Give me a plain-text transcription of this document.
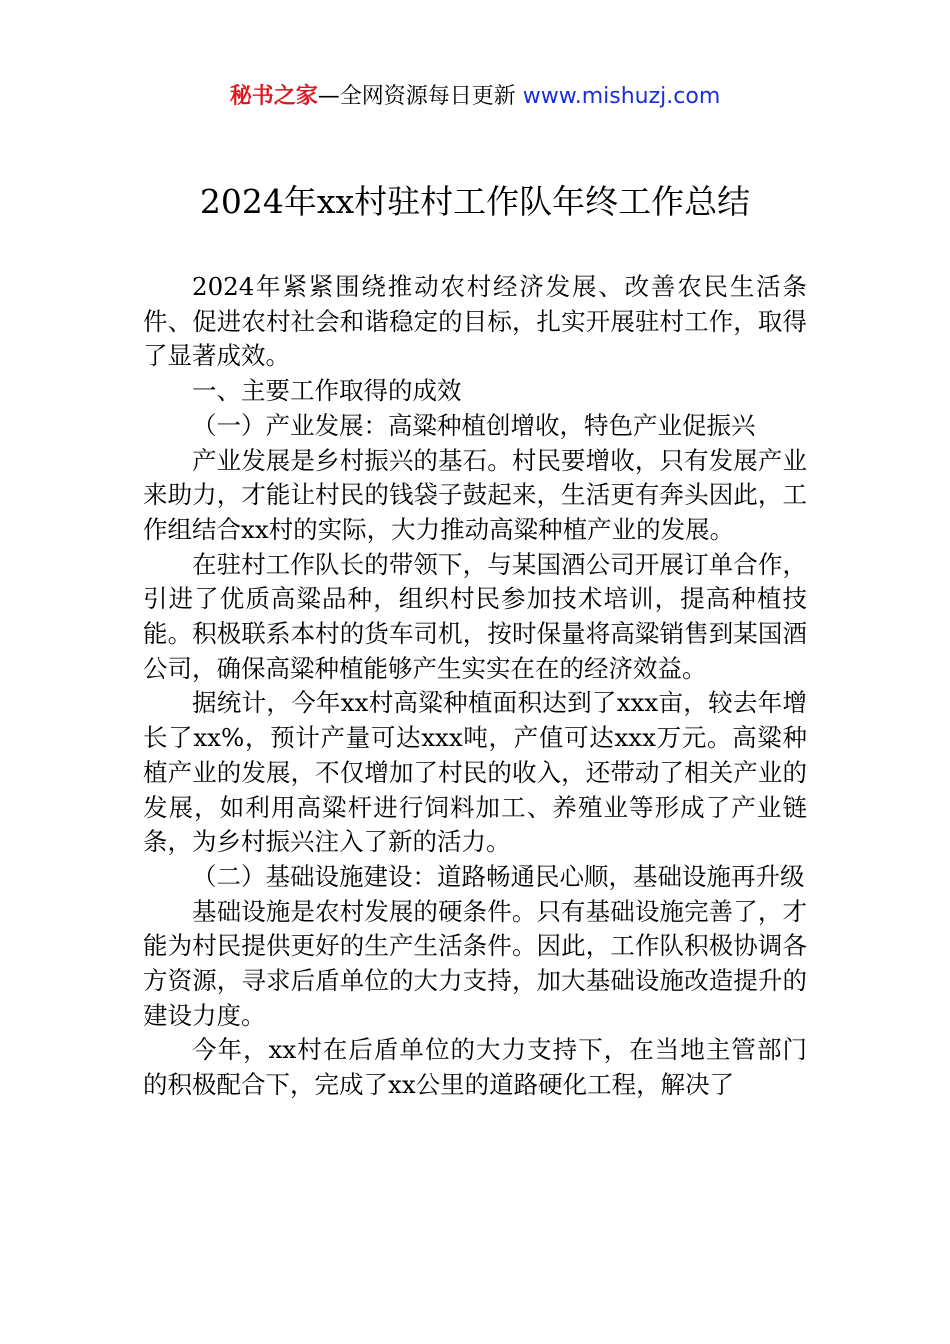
秘书之家—全网资源每日更新 www.mishuzj.com
2024年xx村驻村工作队年终工作总结

2024年紧紧围绕推动农村经济发展、改善农民生活条件、促进农村社会和谐稳定的目标，扎实开展驻村工作，取得了显著成效。

一、主要工作取得的成效

（一）产业发展：高粱种植创增收，特色产业促振兴

产业发展是乡村振兴的基石。村民要增收，只有发展产业来助力，才能让村民的钱袋子鼓起来，生活更有奔头因此，工作组结合xx村的实际，大力推动高粱种植产业的发展。

在驻村工作队长的带领下，与某国酒公司开展订单合作，引进了优质高粱品种，组织村民参加技术培训，提高种植技能。积极联系本村的货车司机，按时保量将高粱销售到某国酒公司，确保高粱种植能够产生实实在在的经济效益。

据统计，今年xx村高粱种植面积达到了xxx亩，较去年增长了xx%，预计产量可达xxx吨，产值可达xxx万元。高粱种植产业的发展，不仅增加了村民的收入，还带动了相关产业的发展，如利用高粱杆进行饲料加工、养殖业等形成了产业链条，为乡村振兴注入了新的活力。

（二）基础设施建设：道路畅通民心顺，基础设施再升级

基础设施是农村发展的硬条件。只有基础设施完善了，才能为村民提供更好的生产生活条件。因此，工作队积极协调各方资源，寻求后盾单位的大力支持，加大基础设施改造提升的建设力度。

今年，xx村在后盾单位的大力支持下，在当地主管部门的积极配合下，完成了xx公里的道路硬化工程，解决了
